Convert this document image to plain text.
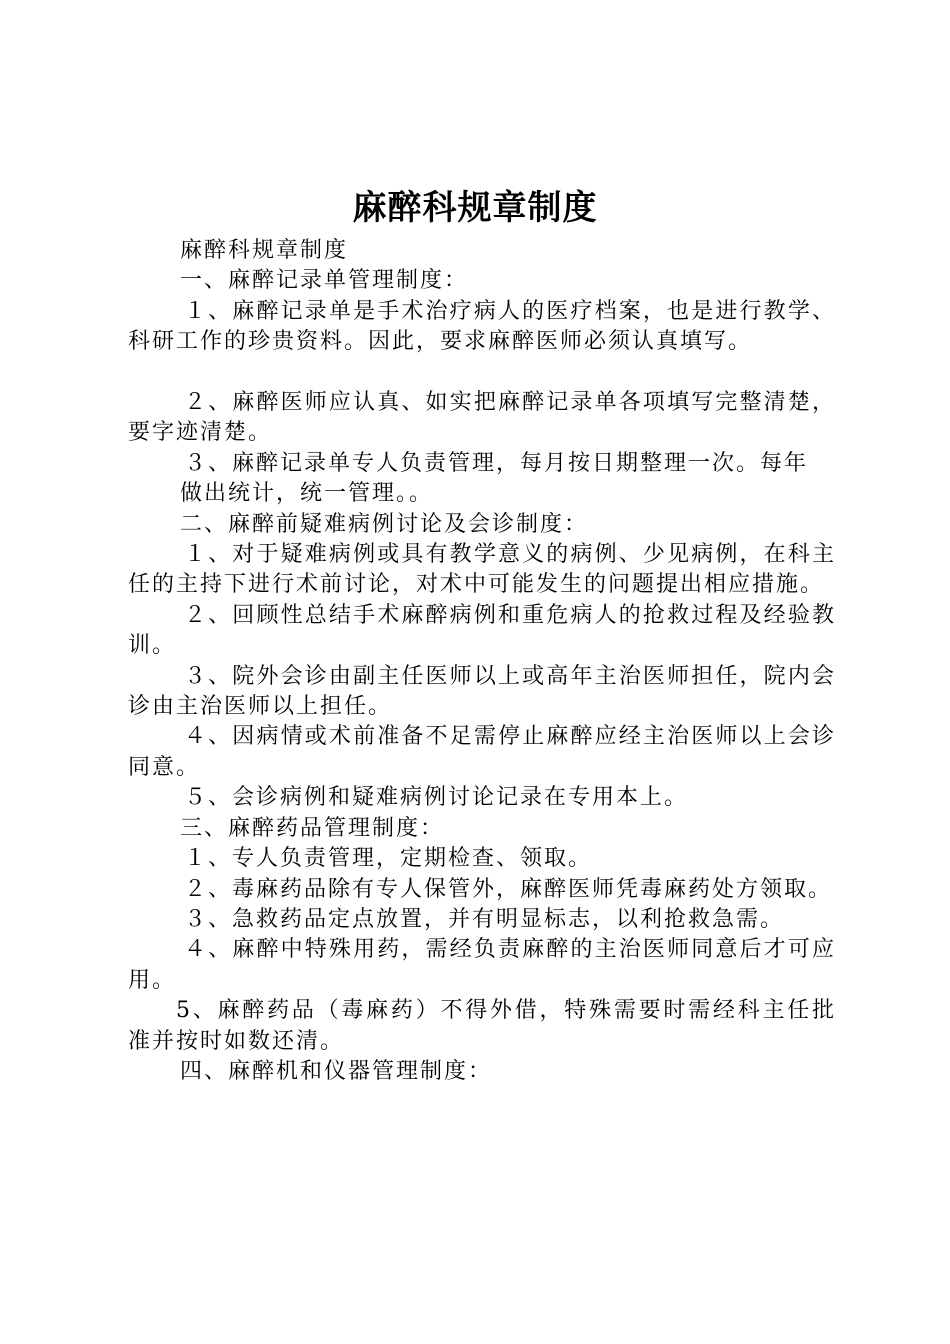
麻醉科规章制度

麻醉科规章制度

一、麻醉记录单管理制度：

１、麻醉记录单是手术治疗病人的医疗档案，也是进行教学、科研工作的珍贵资料。因此，要求麻醉医师必须认真填写。

２、麻醉医师应认真、如实把麻醉记录单各项填写完整清楚，要字迹清楚。

３、麻醉记录单专人负责管理，每月按日期整理一次。每年

做出统计，统一管理。。

二、麻醉前疑难病例讨论及会诊制度：

１、对于疑难病例或具有教学意义的病例、少见病例，在科主任的主持下进行术前讨论，对术中可能发生的问题提出相应措施。

２、回顾性总结手术麻醉病例和重危病人的抢救过程及经验教训。

３、院外会诊由副主任医师以上或高年主治医师担任，院内会诊由主治医师以上担任。

４、因病情或术前准备不足需停止麻醉应经主治医师以上会诊同意。

５、会诊病例和疑难病例讨论记录在专用本上。

三、麻醉药品管理制度：

１、专人负责管理，定期检查、领取。

２、毒麻药品除有专人保管外，麻醉医师凭毒麻药处方领取。

３、急救药品定点放置，并有明显标志，以利抢救急需。

４、麻醉中特殊用药，需经负责麻醉的主治医师同意后才可应用。

5、麻醉药品（毒麻药）不得外借，特殊需要时需经科主任批准并按时如数还清。

四、麻醉机和仪器管理制度：
